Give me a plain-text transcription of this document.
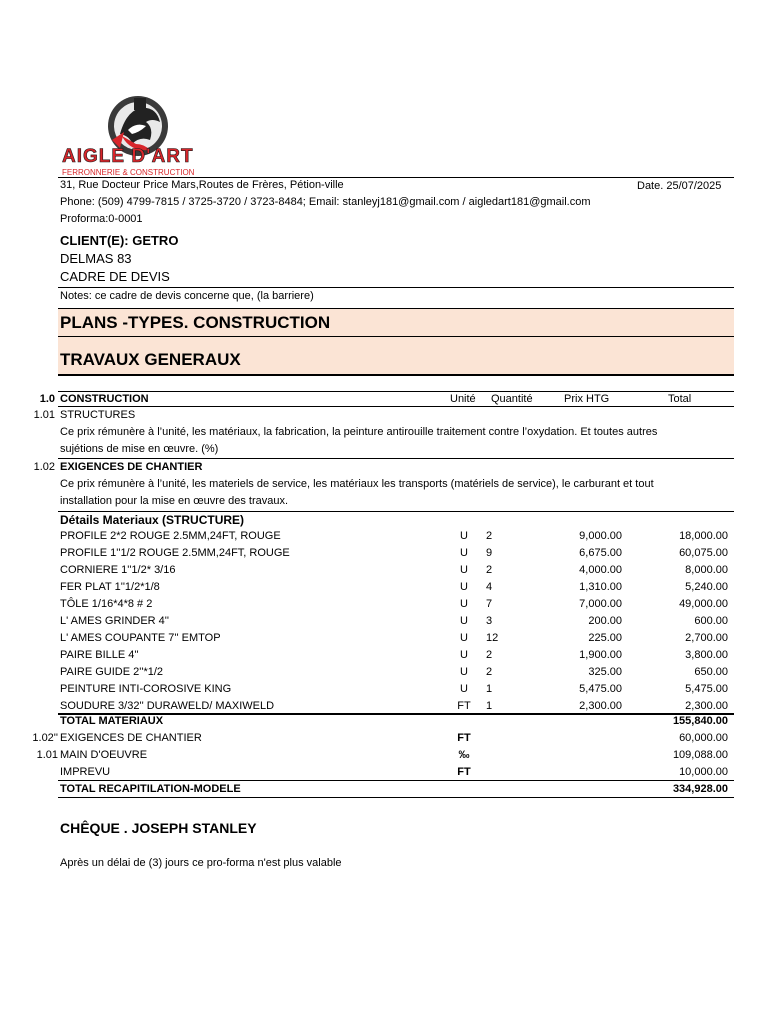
AIGLE D'ART
FERRONNERIE & CONSTRUCTION
31, Rue Docteur Price Mars,Routes de Frères, Pétion-ville	Date. 25/07/2025
Phone: (509) 4799-7815 / 3725-3720 / 3723-8484; Email: stanleyj181@gmail.com / aigledart181@gmail.com
Proforma:0-0001
CLIENT(E): GETRO
DELMAS 83
CADRE DE DEVIS
Notes: ce cadre de devis concerne que, (la barriere)
PLANS -TYPES. CONSTRUCTION
TRAVAUX GENERAUX
1.0 CONSTRUCTION	Unité Quantité	Prix HTG	Total
1.01 STRUCTURES
Ce prix rémunère à l’unité, les matériaux, la fabrication, la peinture antirouille traitement contre l’oxydation. Et toutes autres
sujétions de mise en œuvre. (%)
1.02 EXIGENCES DE CHANTIER
Ce prix rémunère à l’unité, les materiels de service, les matériaux les transports (matériels de service), le carburant et tout
installation pour la mise en œuvre des travaux.
Détails Materiaux (STRUCTURE)
PROFILE 2*2 ROUGE 2.5MM,24FT, ROUGE	U	2	9,000.00	18,000.00
PROFILE 1''1/2 ROUGE 2.5MM,24FT, ROUGE	U	9	6,675.00	60,075.00
CORNIERE 1''1/2* 3/16	U	2	4,000.00	8,000.00
FER PLAT 1''1/2*1/8	U	4	1,310.00	5,240.00
TÔLE 1/16*4*8 # 2	U	7	7,000.00	49,000.00
L' AMES GRINDER 4''	U	3	200.00	600.00
L' AMES COUPANTE 7'' EMTOP	U	12	225.00	2,700.00
PAIRE BILLE 4''	U	2	1,900.00	3,800.00
PAIRE GUIDE 2''*1/2	U	2	325.00	650.00
PEINTURE INTI-COROSIVE KING	U	1	5,475.00	5,475.00
SOUDURE 3/32'' DURAWELD/ MAXIWELD	FT	1	2,300.00	2,300.00
TOTAL MATERIAUX	155,840.00
1.02'' EXIGENCES DE CHANTIER	FT	60,000.00
1.01 MAIN D'OEUVRE	‰	109,088.00
IMPREVU	FT	10,000.00
TOTAL RECAPITILATION-MODELE	334,928.00
CHÊQUE . JOSEPH STANLEY
Après un délai de (3) jours ce pro-forma n'est plus valable
